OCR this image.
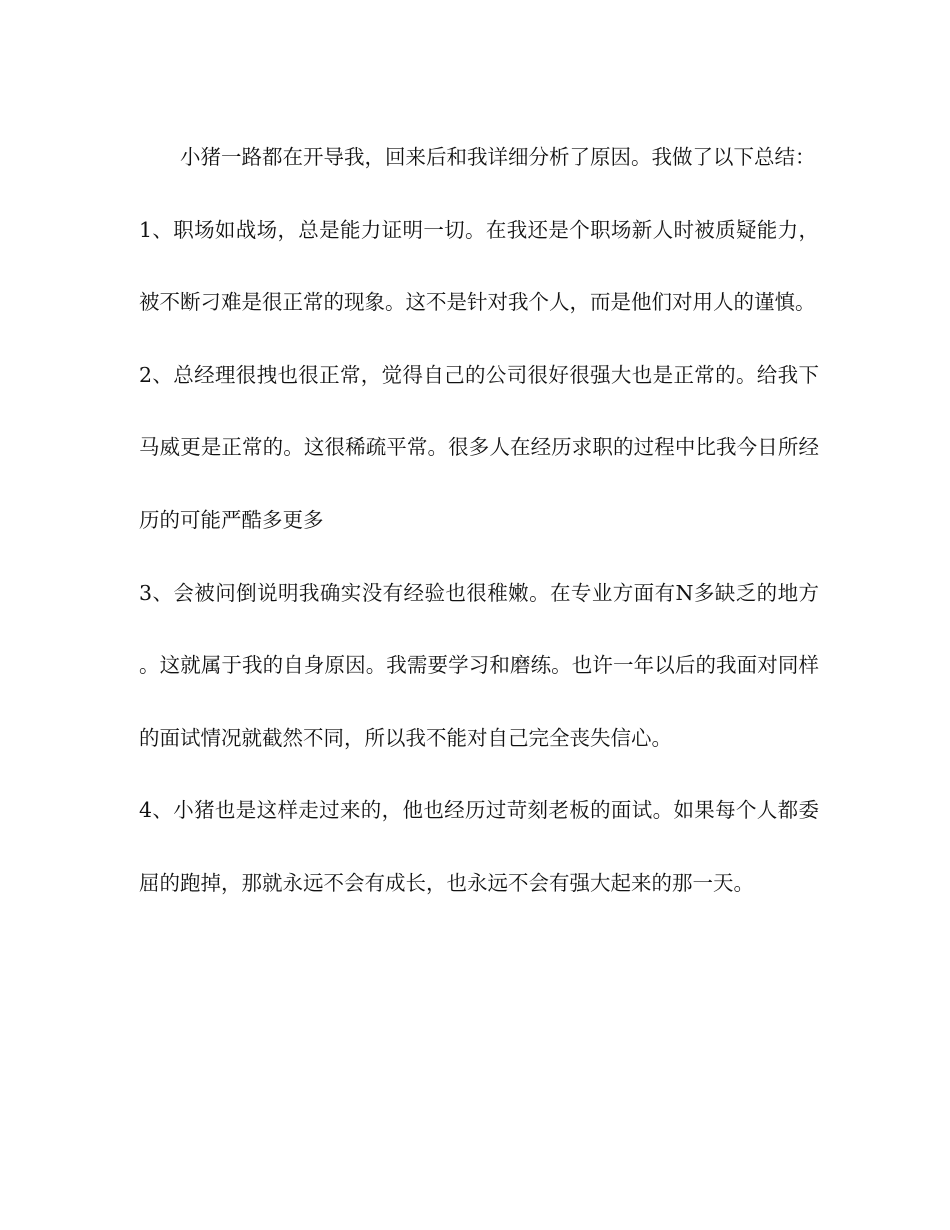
小猪一路都在开导我，回来后和我详细分析了原因。我做了以下总结：

1、职场如战场，总是能力证明一切。在我还是个职场新人时被质疑能力，被不断刁难是很正常的现象。这不是针对我个人，而是他们对用人的谨慎。

2、总经理很拽也很正常，觉得自己的公司很好很强大也是正常的。给我下马威更是正常的。这很稀疏平常。很多人在经历求职的过程中比我今日所经历的可能严酷多更多

3、会被问倒说明我确实没有经验也很稚嫩。在专业方面有N多缺乏的地方。这就属于我的自身原因。我需要学习和磨练。也许一年以后的我面对同样的面试情况就截然不同，所以我不能对自己完全丧失信心。

4、小猪也是这样走过来的，他也经历过苛刻老板的面试。如果每个人都委屈的跑掉，那就永远不会有成长，也永远不会有强大起来的那一天。
